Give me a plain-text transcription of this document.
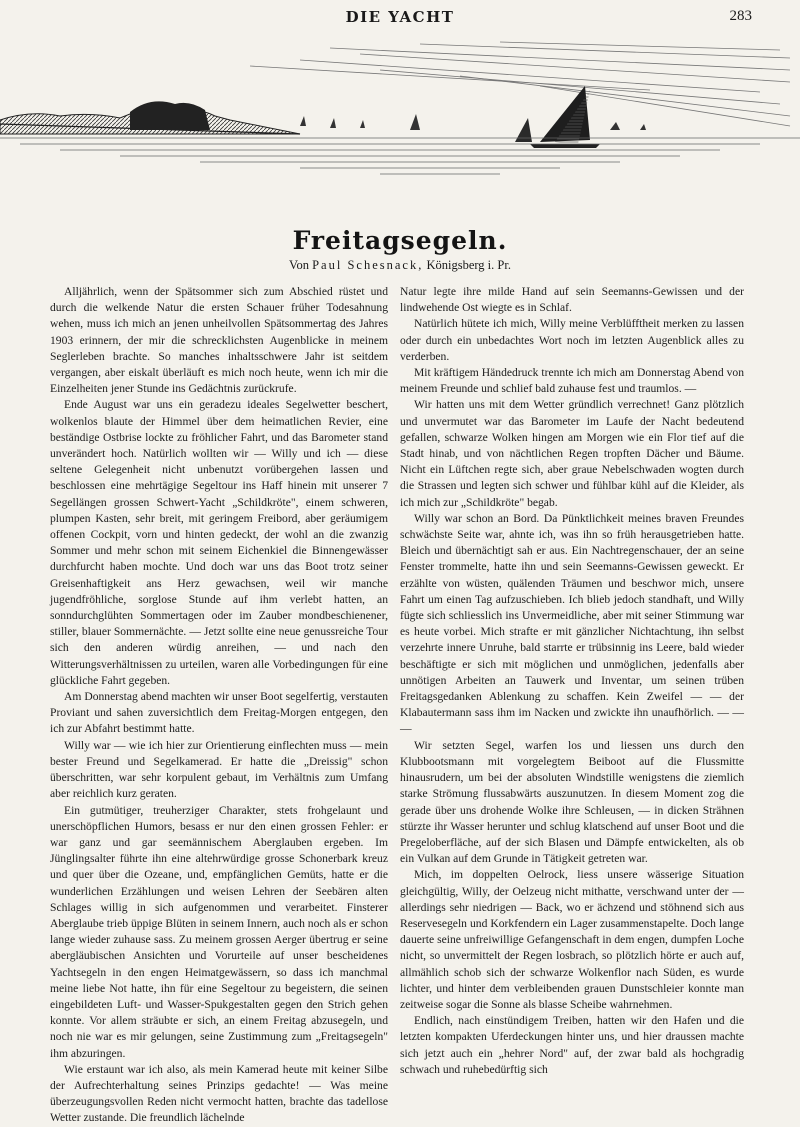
DIE YACHT	283
Freitagsegeln.
Von Paul Schesnack, Königsberg i. Pr.

Alljährlich, wenn der Spätsommer sich zum Abschied rüstet und durch die welkende Natur die ersten Schauer früher Todesahnung wehen, muss ich mich an jenen unheilvollen Spätsommertag des Jahres 1903 erinnern, der mir die schrecklichsten Augenblicke in meinem Seglerleben brachte. So manches inhaltsschwere Jahr ist seitdem vergangen, aber eiskalt überläuft es mich noch heute, wenn ich mir die Einzelheiten jener Stunde ins Gedächtnis zurückrufe.

Ende August war uns ein geradezu ideales Segelwetter beschert, wolkenlos blaute der Himmel über dem heimatlichen Revier, eine beständige Ostbrise lockte zu fröhlicher Fahrt, und das Barometer stand unverändert hoch. Natürlich wollten wir — Willy und ich — diese seltene Gelegenheit nicht unbenutzt vorübergehen lassen und beschlossen eine mehrtägige Segeltour ins Haff hinein mit unserer 7 Segellängen grossen Schwert-Yacht „Schildkröte", einem schweren, plumpen Kasten, sehr breit, mit geringem Freibord, aber geräumigem offenen Cockpit, vorn und hinten gedeckt, der wohl an die zwanzig Sommer und mehr schon mit seinem Eichenkiel die Binnengewässer durchfurcht haben mochte. Und doch war uns das Boot trotz seiner Greisenhaftigkeit ans Herz gewachsen, weil wir manche jugendfröhliche, sorglose Stunde auf ihm verlebt hatten, an sonndurchglühten Sommertagen oder im Zauber mondbeschienener, stiller, blauer Sommernächte. — Jetzt sollte eine neue genussreiche Tour sich den anderen würdig anreihen, — und nach den Witterungsverhältnissen zu urteilen, waren alle Vorbedingungen für eine glückliche Fahrt gegeben.

Am Donnerstag abend machten wir unser Boot segelfertig, verstauten Proviant und sahen zuversichtlich dem Freitag-Morgen entgegen, den ich zur Abfahrt bestimmt hatte.

Willy war — wie ich hier zur Orientierung einflechten muss — mein bester Freund und Segelkamerad. Er hatte die „Dreissig" schon überschritten, war sehr korpulent gebaut, im Verhältnis zum Umfang aber reichlich kurz geraten.

Ein gutmütiger, treuherziger Charakter, stets frohgelaunt und unerschöpflichen Humors, besass er nur den einen grossen Fehler: er war ganz und gar seemännischem Aberglauben ergeben. Im Jünglingsalter führte ihn eine altehrwürdige grosse Schonerbark kreuz und quer über die Ozeane, und, empfänglichen Gemüts, hatte er die wunderlichen Erzählungen und weisen Lehren der Seebären alten Schlages willig in sich aufgenommen und verarbeitet. Finsterer Aberglaube trieb üppige Blüten in seinem Innern, auch noch als er schon lange wieder zuhause sass. Zu meinem grossen Aerger übertrug er seine abergläubischen Ansichten und Vorurteile auf unser bescheidenes Yachtsegeln in den engen Heimatgewässern, so dass ich manchmal meine liebe Not hatte, ihn für eine Segeltour zu begeistern, die seinen eingebildeten Luft- und Wasser-Spukgestalten gegen den Strich gehen konnte. Vor allem sträubte er sich, an einem Freitag abzusegeln, und noch nie war es mir gelungen, seine Zustimmung zum „Freitagsegeln" ihm abzuringen.

Wie erstaunt war ich also, als mein Kamerad heute mit keiner Silbe der Aufrechterhaltung seines Prinzips gedachte! — Was meine überzeugungsvollen Reden nicht vermocht hatten, brachte das tadellose Wetter zustande. Die freundlich lächelnde

Natur legte ihre milde Hand auf sein Seemanns-Gewissen und der lindwehende Ost wiegte es in Schlaf.

Natürlich hütete ich mich, Willy meine Verblüfftheit merken zu lassen oder durch ein unbedachtes Wort noch im letzten Augenblick alles zu verderben.

Mit kräftigem Händedruck trennte ich mich am Donnerstag Abend von meinem Freunde und schlief bald zuhause fest und traumlos. —

Wir hatten uns mit dem Wetter gründlich verrechnet! Ganz plötzlich und unvermutet war das Barometer im Laufe der Nacht bedeutend gefallen, schwarze Wolken hingen am Morgen wie ein Flor tief auf die Stadt hinab, und von nächtlichen Regen tropften Dächer und Bäume. Nicht ein Lüftchen regte sich, aber graue Nebelschwaden wogten durch die Strassen und legten sich schwer und fühlbar kühl auf die Kleider, als ich mich zur „Schildkröte" begab.

Willy war schon an Bord. Da Pünktlichkeit meines braven Freundes schwächste Seite war, ahnte ich, was ihn so früh herausgetrieben hatte. Bleich und übernächtigt sah er aus. Ein Nachtregenschauer, der an seine Fenster trommelte, hatte ihn und sein Seemanns-Gewissen geweckt. Er erzählte von wüsten, quälenden Träumen und beschwor mich, unsere Fahrt um einen Tag aufzuschieben. Ich blieb jedoch standhaft, und Willy fügte sich schliesslich ins Unvermeidliche, aber mit seiner Stimmung war es heute vorbei. Mich strafte er mit gänzlicher Nichtachtung, ihn selbst verzehrte innere Unruhe, bald starrte er trübsinnig ins Leere, bald wieder beschäftigte er sich mit möglichen und unmöglichen, jedenfalls aber unnötigen Arbeiten an Tauwerk und Inventar, um seinen trüben Freitagsgedanken Ablenkung zu schaffen. Kein Zweifel — — der Klabautermann sass ihm im Nacken und zwickte ihn unaufhörlich. — — —

Wir setzten Segel, warfen los und liessen uns durch den Klubbootsmann mit vorgelegtem Beiboot auf die Flussmitte hinausrudern, um bei der absoluten Windstille wenigstens die ziemlich starke Strömung flussabwärts auszunutzen. In diesem Moment zog die gerade über uns drohende Wolke ihre Schleusen, — in dicken Strähnen stürzte ihr Wasser herunter und schlug klatschend auf unser Boot und die Pregeloberfläche, auf der sich Blasen und Dämpfe entwickelten, als ob ein Vulkan auf dem Grunde in Tätigkeit getreten war.

Mich, im doppelten Oelrock, liess unsere wässerige Situation gleichgültig, Willy, der Oelzeug nicht mithatte, verschwand unter der — allerdings sehr niedrigen — Back, wo er ächzend und stöhnend sich aus Reservesegeln und Korkfendern ein Lager zusammenstapelte. Doch lange dauerte seine unfreiwillige Gefangenschaft in dem engen, dumpfen Loche nicht, so unvermittelt der Regen losbrach, so plötzlich hörte er auch auf, allmählich schob sich der schwarze Wolkenflor nach Süden, es wurde lichter, und hinter dem verbleibenden grauen Dunstschleier konnte man zeitweise sogar die Sonne als blasse Scheibe wahrnehmen.

Endlich, nach einstündigem Treiben, hatten wir den Hafen und die letzten kompakten Uferdeckungen hinter uns, und hier draussen machte sich jetzt auch ein „hehrer Nord" auf, der zwar bald als hochgradig schwach und ruhebedürftig sich
